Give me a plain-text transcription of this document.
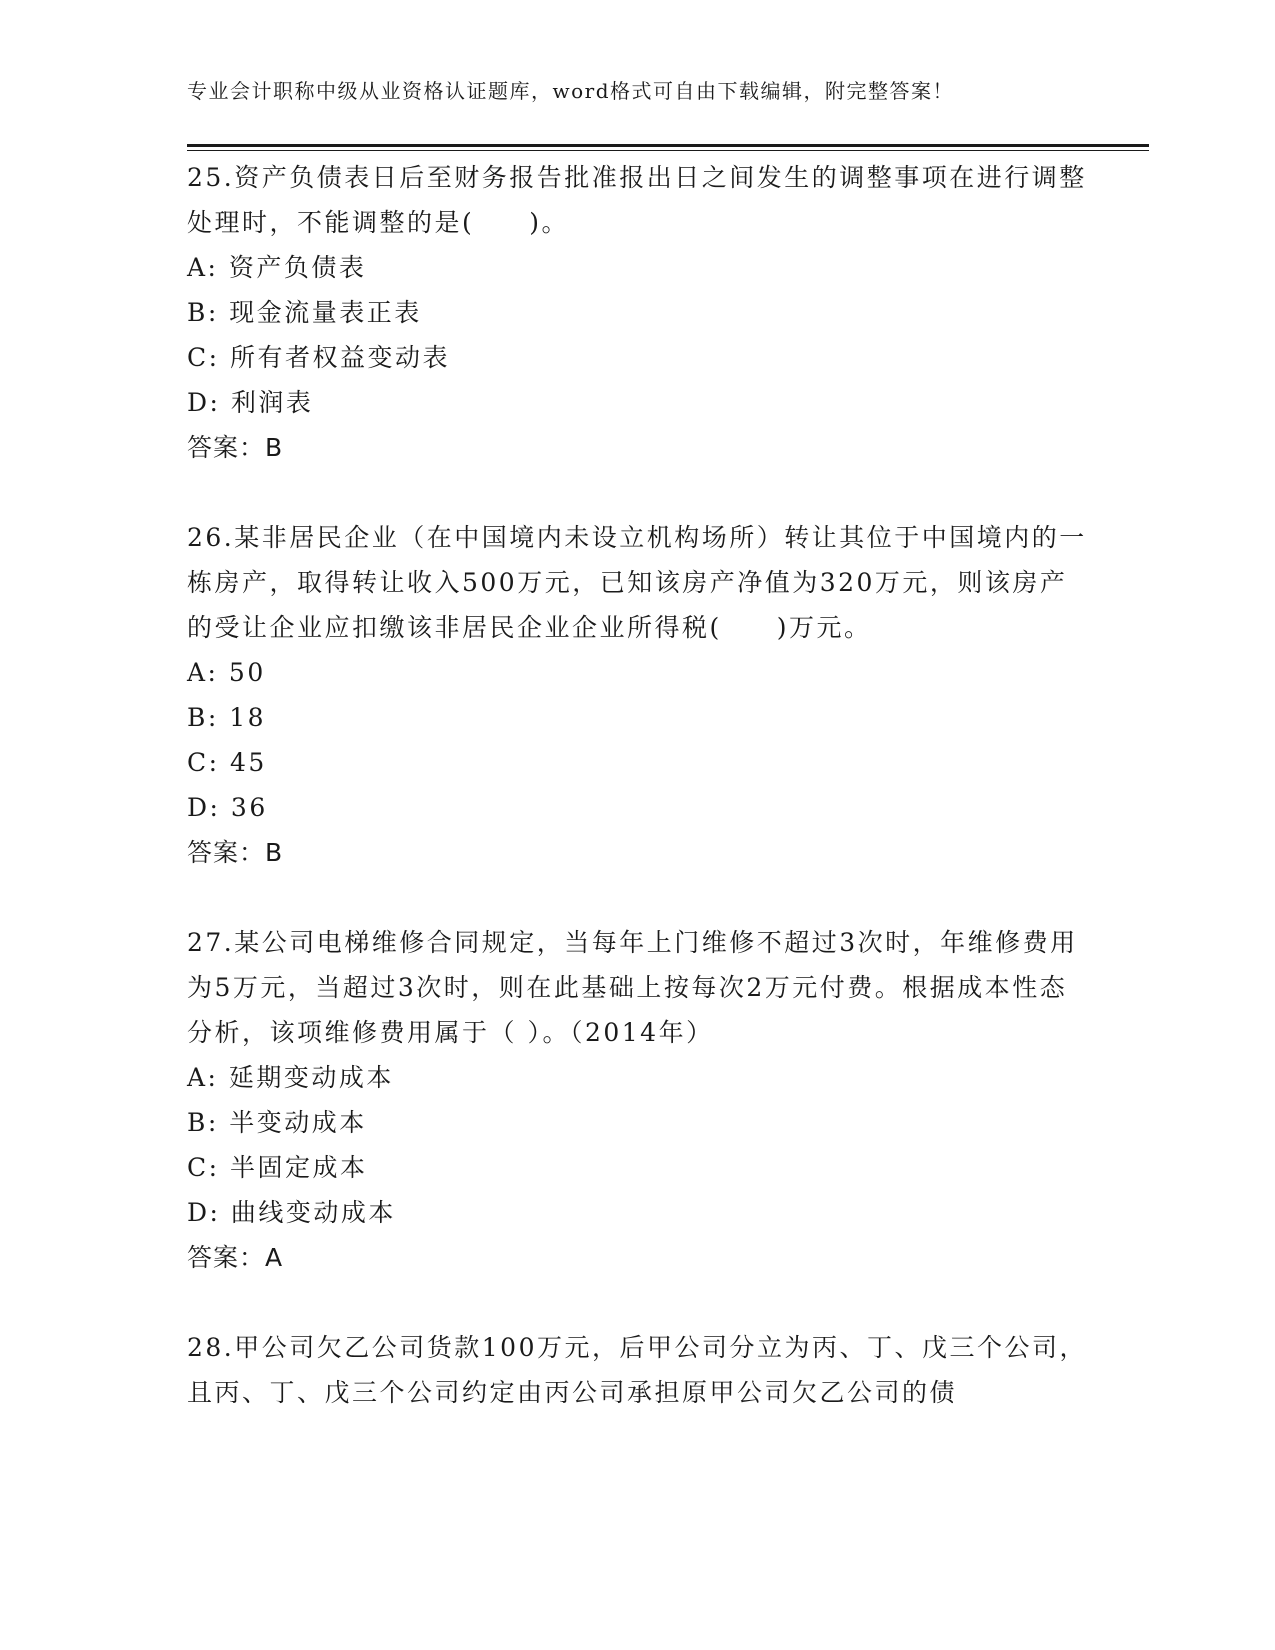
专业会计职称中级从业资格认证题库，word格式可自由下载编辑，附完整答案！

25.资产负债表日后至财务报告批准报出日之间发生的调整事项在进行调整处理时，不能调整的是(　　)。

A: 资产负债表
B: 现金流量表正表
C: 所有者权益变动表
D: 利润表
答案：B

26.某非居民企业（在中国境内未设立机构场所）转让其位于中国境内的一栋房产，取得转让收入500万元，已知该房产净值为320万元，则该房产的受让企业应扣缴该非居民企业企业所得税(　　)万元。

A: 50
B: 18
C: 45
D: 36
答案：B

27.某公司电梯维修合同规定，当每年上门维修不超过3次时，年维修费用为5万元，当超过3次时，则在此基础上按每次2万元付费。根据成本性态分析，该项维修费用属于（ ）。（2014年）

A: 延期变动成本
B: 半变动成本
C: 半固定成本
D: 曲线变动成本
答案：A

28.甲公司欠乙公司货款100万元，后甲公司分立为丙、丁、戊三个公司，且丙、丁、戊三个公司约定由丙公司承担原甲公司欠乙公司的债
